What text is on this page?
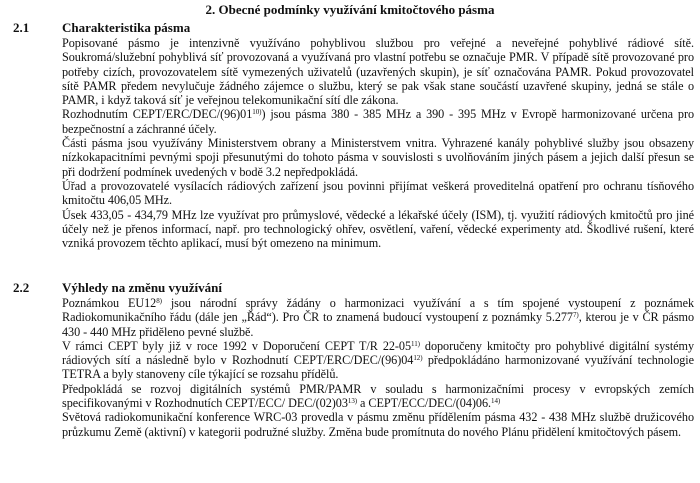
2. Obecné podmínky využívání kmitočtového pásma
2.1	Charakteristika pásma

Popisované pásmo je intenzivně využíváno pohyblivou službou pro veřejné a neveřejné pohyblivé rádiové sítě. Soukromá/služební pohyblivá síť provozovaná a využívaná pro vlastní potřebu se označuje PMR. V případě sítě provozované pro potřeby cizích, provozovatelem sítě vymezených uživatelů (uzavřených skupin), je síť označována PAMR. Pokud provozovatel sítě PAMR předem nevylučuje žádného zájemce o službu, který se pak však stane součástí uzavřené skupiny, jedná se stále o PAMR, i když taková síť je veřejnou telekomunikační sítí dle zákona.

Rozhodnutím CEPT/ERC/DEC/(96)01$^{10)}$) jsou pásma 380 - 385 MHz a 390 - 395 MHz v Evropě harmonizované určena pro bezpečnostní a záchranné účely.

Části pásma jsou využívány Ministerstvem obrany a Ministerstvem vnitra. Vyhrazené kanály pohyblivé služby jsou obsazeny nízkokapacitními pevnými spoji přesunutými do tohoto pásma v souvislosti s uvolňováním jiných pásem a jejich další přesun se při dodržení podmínek uvedených v bodě 3.2 nepředpokládá.

Úřad a provozovatelé vysílacích rádiových zařízení jsou povinni přijímat veškerá proveditelná opatření pro ochranu tísňového kmitočtu 406,05 MHz.

Úsek 433,05 - 434,79 MHz lze využívat pro průmyslové, vědecké a lékařské účely (ISM), tj. využití rádiových kmitočtů pro jiné účely než je přenos informací, např. pro technologický ohřev, osvětlení, vaření, vědecké experimenty atd. Škodlivé rušení, které vzniká provozem těchto aplikací, musí být omezeno na minimum.

2.2	Výhledy na změnu využívání

Poznámkou EU12$^{8)}$ jsou národní správy žádány o harmonizaci využívání a s tím spojené vystoupení z poznámek Radiokomunikačního řádu (dále jen „Řád“). Pro ČR to znamená budoucí vystoupení z poznámky 5.277$^{7)}$, kterou je v ČR pásmo 430 - 440 MHz přiděleno pevné službě.

V rámci CEPT byly již v roce 1992 v Doporučení CEPT T/R 22-05$^{11)}$ doporučeny kmitočty pro pohyblivé digitální systémy rádiových sítí a následně bylo v Rozhodnutí CEPT/ERC/DEC/(96)04$^{12)}$ předpokládáno harmonizované využívání technologie TETRA a byly stanoveny cíle týkající se rozsahu přídělů.

Předpokládá se rozvoj digitálních systémů PMR/PAMR v souladu s harmonizačními procesy v evropských zemích specifikovanými v Rozhodnutích CEPT/ECC/ DEC/(02)03$^{13)}$ a CEPT/ECC/DEC/(04)06.$^{14)}$

Světová radiokomunikační konference WRC-03 provedla v pásmu změnu přídělením pásma 432 - 438 MHz službě družicového průzkumu Země (aktivní) v kategorii podružné služby. Změna bude promítnuta do nového Plánu přidělení kmitočtových pásem.
